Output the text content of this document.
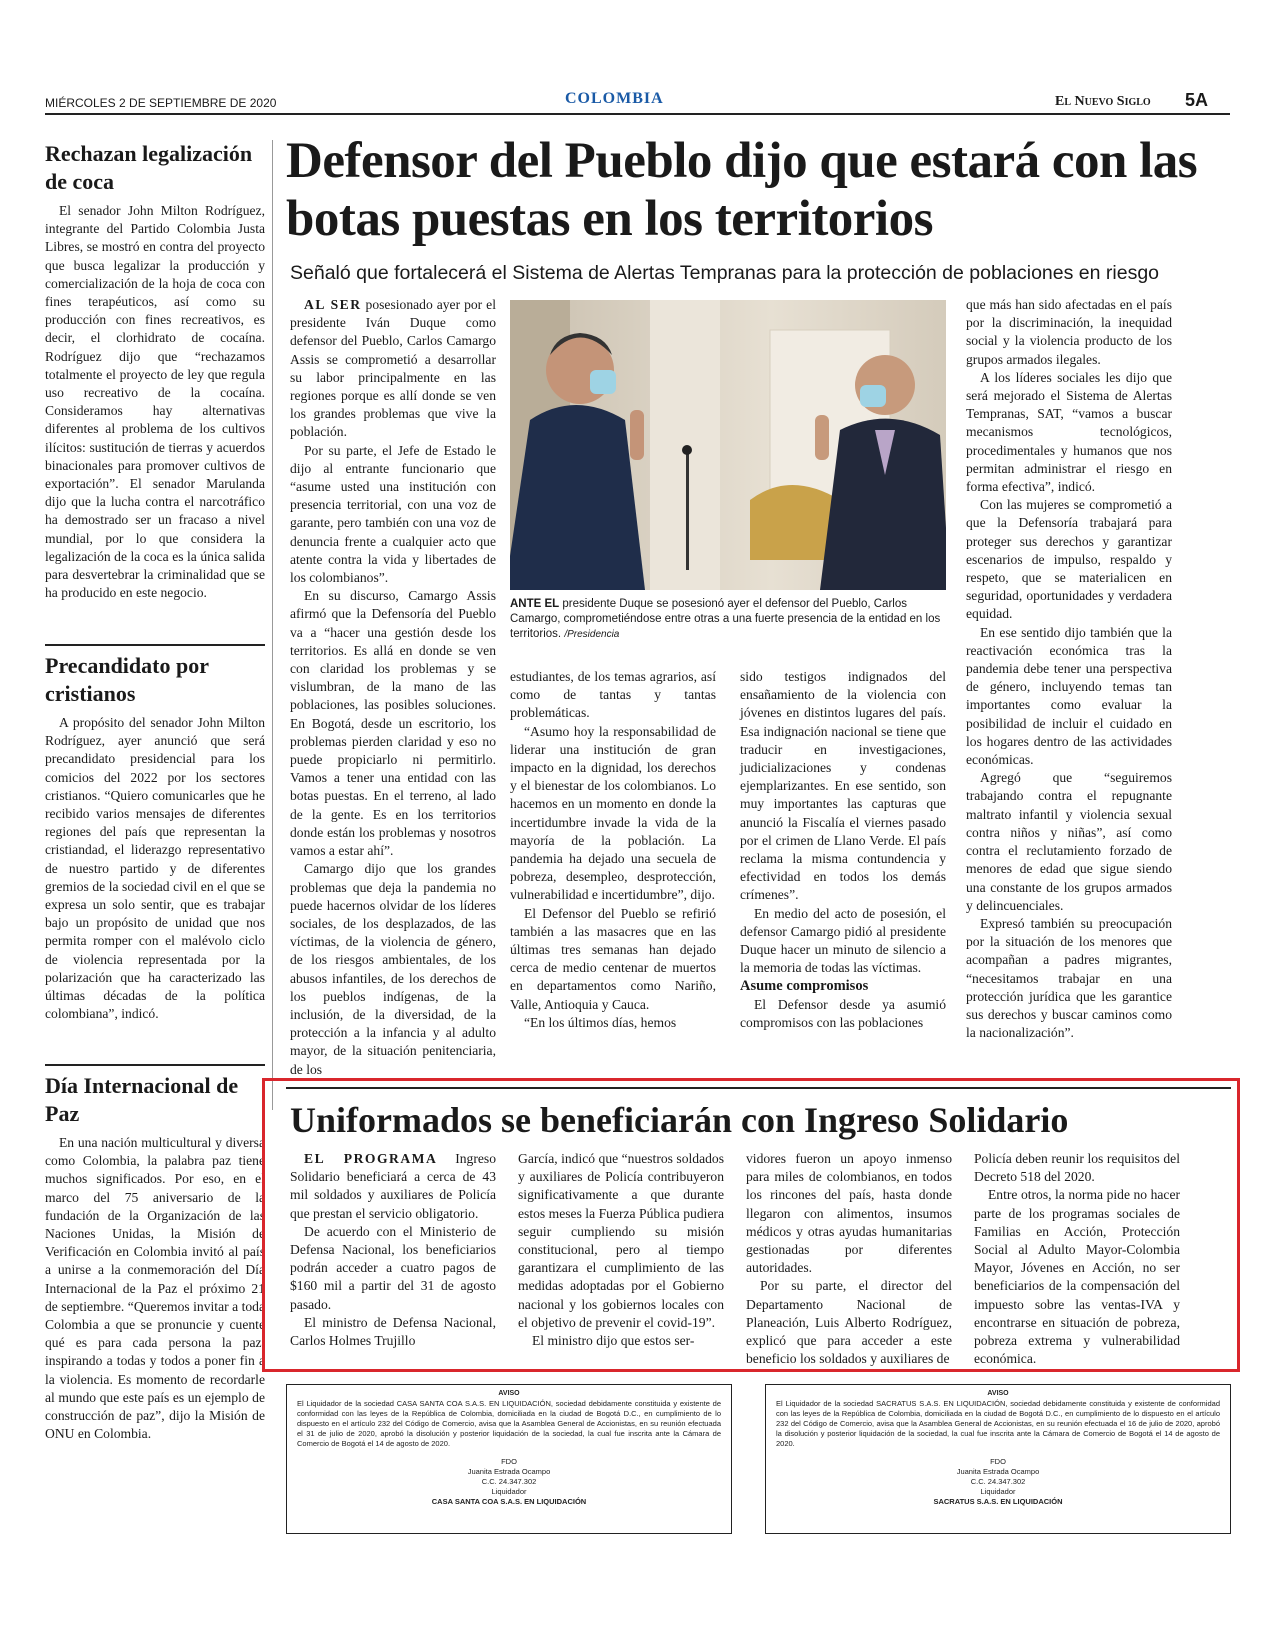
MIÉRCOLES 2 DE SEPTIEMBRE DE 2020	COLOMBIA	El Nuevo Siglo 5A
Rechazan legalización de coca

El senador John Milton Rodríguez, integrante del Partido Colombia Justa Libres, se mostró en contra del proyecto que busca legalizar la producción y comercialización de la hoja de coca con fines terapéuticos, así como su producción con fines recreativos, es decir, el clorhidrato de cocaína. Rodríguez dijo que “rechazamos totalmente el proyecto de ley que regula uso recreativo de la cocaína. Consideramos hay alternativas diferentes al problema de los cultivos ilícitos: sustitución de tierras y acuerdos binacionales para promover cultivos de exportación”. El senador Marulanda dijo que la lucha contra el narcotráfico ha demostrado ser un fracaso a nivel mundial, por lo que considera la legalización de la coca es la única salida para desvertebrar la criminalidad que se ha producido en este negocio.

Precandidato por cristianos

A propósito del senador John Milton Rodríguez, ayer anunció que será precandidato presidencial para los comicios del 2022 por los sectores cristianos. “Quiero comunicarles que he recibido varios mensajes de diferentes regiones del país que representan la cristiandad, el liderazgo representativo de nuestro partido y de diferentes gremios de la sociedad civil en el que se expresa un solo sentir, que es trabajar bajo un propósito de unidad que nos permita romper con el malévolo ciclo de violencia representada por la polarización que ha caracterizado las últimas décadas de la política colombiana”, indicó.

Día Internacional de Paz

En una nación multicultural y diversa como Colombia, la palabra paz tiene muchos significados. Por eso, en el marco del 75 aniversario de la fundación de la Organización de las Naciones Unidas, la Misión de Verificación en Colombia invitó al país a unirse a la conmemoración del Día Internacional de la Paz el próximo 21 de septiembre. “Queremos invitar a toda Colombia a que se pronuncie y cuente qué es para cada persona la paz, inspirando a todas y todos a poner fin a la violencia. Es momento de recordarle al mundo que este país es un ejemplo de construcción de paz”, dijo la Misión de ONU en Colombia.

Defensor del Pueblo dijo que estará con las botas puestas en los territorios
Señaló que fortalecerá el Sistema de Alertas Tempranas para la protección de poblaciones en riesgo

AL SER posesionado ayer por el presidente Iván Duque como defensor del Pueblo, Carlos Camargo Assis se comprometió a desarrollar su labor principalmente en las regiones porque es allí donde se ven los grandes problemas que vive la población.

Por su parte, el Jefe de Estado le dijo al entrante funcionario que “asume usted una institución con presencia territorial, con una voz de garante, pero también con una voz de denuncia frente a cualquier acto que atente contra la vida y libertades de los colombianos”.

En su discurso, Camargo Assis afirmó que la Defensoría del Pueblo va a “hacer una gestión desde los territorios. Es allá en donde se ven con claridad los problemas y se vislumbran, de la mano de las poblaciones, las posibles soluciones. En Bogotá, desde un escritorio, los problemas pierden claridad y eso no puede propiciarlo ni permitirlo. Vamos a tener una entidad con las botas puestas. En el terreno, al lado de la gente. Es en los territorios donde están los problemas y nosotros vamos a estar ahí”.

Camargo dijo que los grandes problemas que deja la pandemia no puede hacernos olvidar de los líderes sociales, de los desplazados, de las víctimas, de la violencia de género, de los riesgos ambientales, de los abusos infantiles, de los derechos de los pueblos indígenas, de la inclusión, de la diversidad, de la protección a la infancia y al adulto mayor, de la situación penitenciaria, de los

ANTE EL presidente Duque se posesionó ayer el defensor del Pueblo, Carlos Camargo, comprometiéndose entre otras a una fuerte presencia de la entidad en los territorios. /Presidencia

estudiantes, de los temas agrarios, así como de tantas y tantas problemáticas.

“Asumo hoy la responsabilidad de liderar una institución de gran impacto en la dignidad, los derechos y el bienestar de los colombianos. Lo hacemos en un momento en donde la incertidumbre invade la vida de la mayoría de la población. La pandemia ha dejado una secuela de pobreza, desempleo, desprotección, vulnerabilidad e incertidumbre”, dijo.

El Defensor del Pueblo se refirió también a las masacres que en las últimas tres semanas han dejado cerca de medio centenar de muertos en departamentos como Nariño, Valle, Antioquia y Cauca.

“En los últimos días, hemos

sido testigos indignados del ensañamiento de la violencia con jóvenes en distintos lugares del país. Esa indignación nacional se tiene que traducir en investigaciones, judicializaciones y condenas ejemplarizantes. En ese sentido, son muy importantes las capturas que anunció la Fiscalía el viernes pasado por el crimen de Llano Verde. El país reclama la misma contundencia y efectividad en todos los demás crímenes”.

En medio del acto de posesión, el defensor Camargo pidió al presidente Duque hacer un minuto de silencio a la memoria de todas las víctimas.

Asume compromisos

El Defensor desde ya asumió compromisos con las poblaciones

que más han sido afectadas en el país por la discriminación, la inequidad social y la violencia producto de los grupos armados ilegales.

A los líderes sociales les dijo que será mejorado el Sistema de Alertas Tempranas, SAT, “vamos a buscar mecanismos tecnológicos, procedimentales y humanos que nos permitan administrar el riesgo en forma efectiva”, indicó.

Con las mujeres se comprometió a que la Defensoría trabajará para proteger sus derechos y garantizar escenarios de impulso, respaldo y respeto, que se materialicen en seguridad, oportunidades y verdadera equidad.

En ese sentido dijo también que la reactivación económica tras la pandemia debe tener una perspectiva de género, incluyendo temas tan importantes como evaluar la posibilidad de incluir el cuidado en los hogares dentro de las actividades económicas.

Agregó que “seguiremos trabajando contra el repugnante maltrato infantil y violencia sexual contra niños y niñas”, así como contra el reclutamiento forzado de menores de edad que sigue siendo una constante de los grupos armados y delincuenciales.

Expresó también su preocupación por la situación de los menores que acompañan a padres migrantes, “necesitamos trabajar en una protección jurídica que les garantice sus derechos y buscar caminos como la nacionalización”.

Uniformados se beneficiarán con Ingreso Solidario

EL PROGRAMA Ingreso Solidario beneficiará a cerca de 43 mil soldados y auxiliares de Policía que prestan el servicio obligatorio.

De acuerdo con el Ministerio de Defensa Nacional, los beneficiarios podrán acceder a cuatro pagos de $160 mil a partir del 31 de agosto pasado.

El ministro de Defensa Nacional, Carlos Holmes Trujillo

García, indicó que “nuestros soldados y auxiliares de Policía contribuyeron significativamente a que durante estos meses la Fuerza Pública pudiera seguir cumpliendo su misión constitucional, pero al tiempo garantizara el cumplimiento de las medidas adoptadas por el Gobierno nacional y los gobiernos locales con el objetivo de prevenir el covid-19”.

El ministro dijo que estos ser-

vidores fueron un apoyo inmenso para miles de colombianos, en todos los rincones del país, hasta donde llegaron con alimentos, insumos médicos y otras ayudas humanitarias gestionadas por diferentes autoridades.

Por su parte, el director del Departamento Nacional de Planeación, Luis Alberto Rodríguez, explicó que para acceder a este beneficio los soldados y auxiliares de

Policía deben reunir los requisitos del Decreto 518 del 2020.

Entre otros, la norma pide no hacer parte de los programas sociales de Familias en Acción, Protección Social al Adulto Mayor-Colombia Mayor, Jóvenes en Acción, no ser beneficiarios de la compensación del impuesto sobre las ventas-IVA y encontrarse en situación de pobreza, pobreza extrema y vulnerabilidad económica.

AVISO
El Liquidador de la sociedad CASA SANTA COA S.A.S. EN LIQUIDACIÓN, sociedad debidamente constituida y existente de conformidad con las leyes de la República de Colombia, domiciliada en la ciudad de Bogotá D.C., en cumplimiento de lo dispuesto en el artículo 232 del Código de Comercio, avisa que la Asamblea General de Accionistas, en su reunión efectuada el 31 de julio de 2020, aprobó la disolución y posterior liquidación de la sociedad, la cual fue inscrita ante la Cámara de Comercio de Bogotá el 14 de agosto de 2020.
FDO
Juanita Estrada Ocampo
C.C. 24.347.302
Liquidador
CASA SANTA COA S.A.S. EN LIQUIDACIÓN
AVISO
El Liquidador de la sociedad SACRATUS S.A.S. EN LIQUIDACIÓN, sociedad debidamente constituida y existente de conformidad con las leyes de la República de Colombia, domiciliada en la ciudad de Bogotá D.C., en cumplimiento de lo dispuesto en el artículo 232 del Código de Comercio, avisa que la Asamblea General de Accionistas, en su reunión efectuada el 16 de julio de 2020, aprobó la disolución y posterior liquidación de la sociedad, la cual fue inscrita ante la Cámara de Comercio de Bogotá el 14 de agosto de 2020.
FDO
Juanita Estrada Ocampo
C.C. 24.347.302
Liquidador
SACRATUS S.A.S. EN LIQUIDACIÓN
